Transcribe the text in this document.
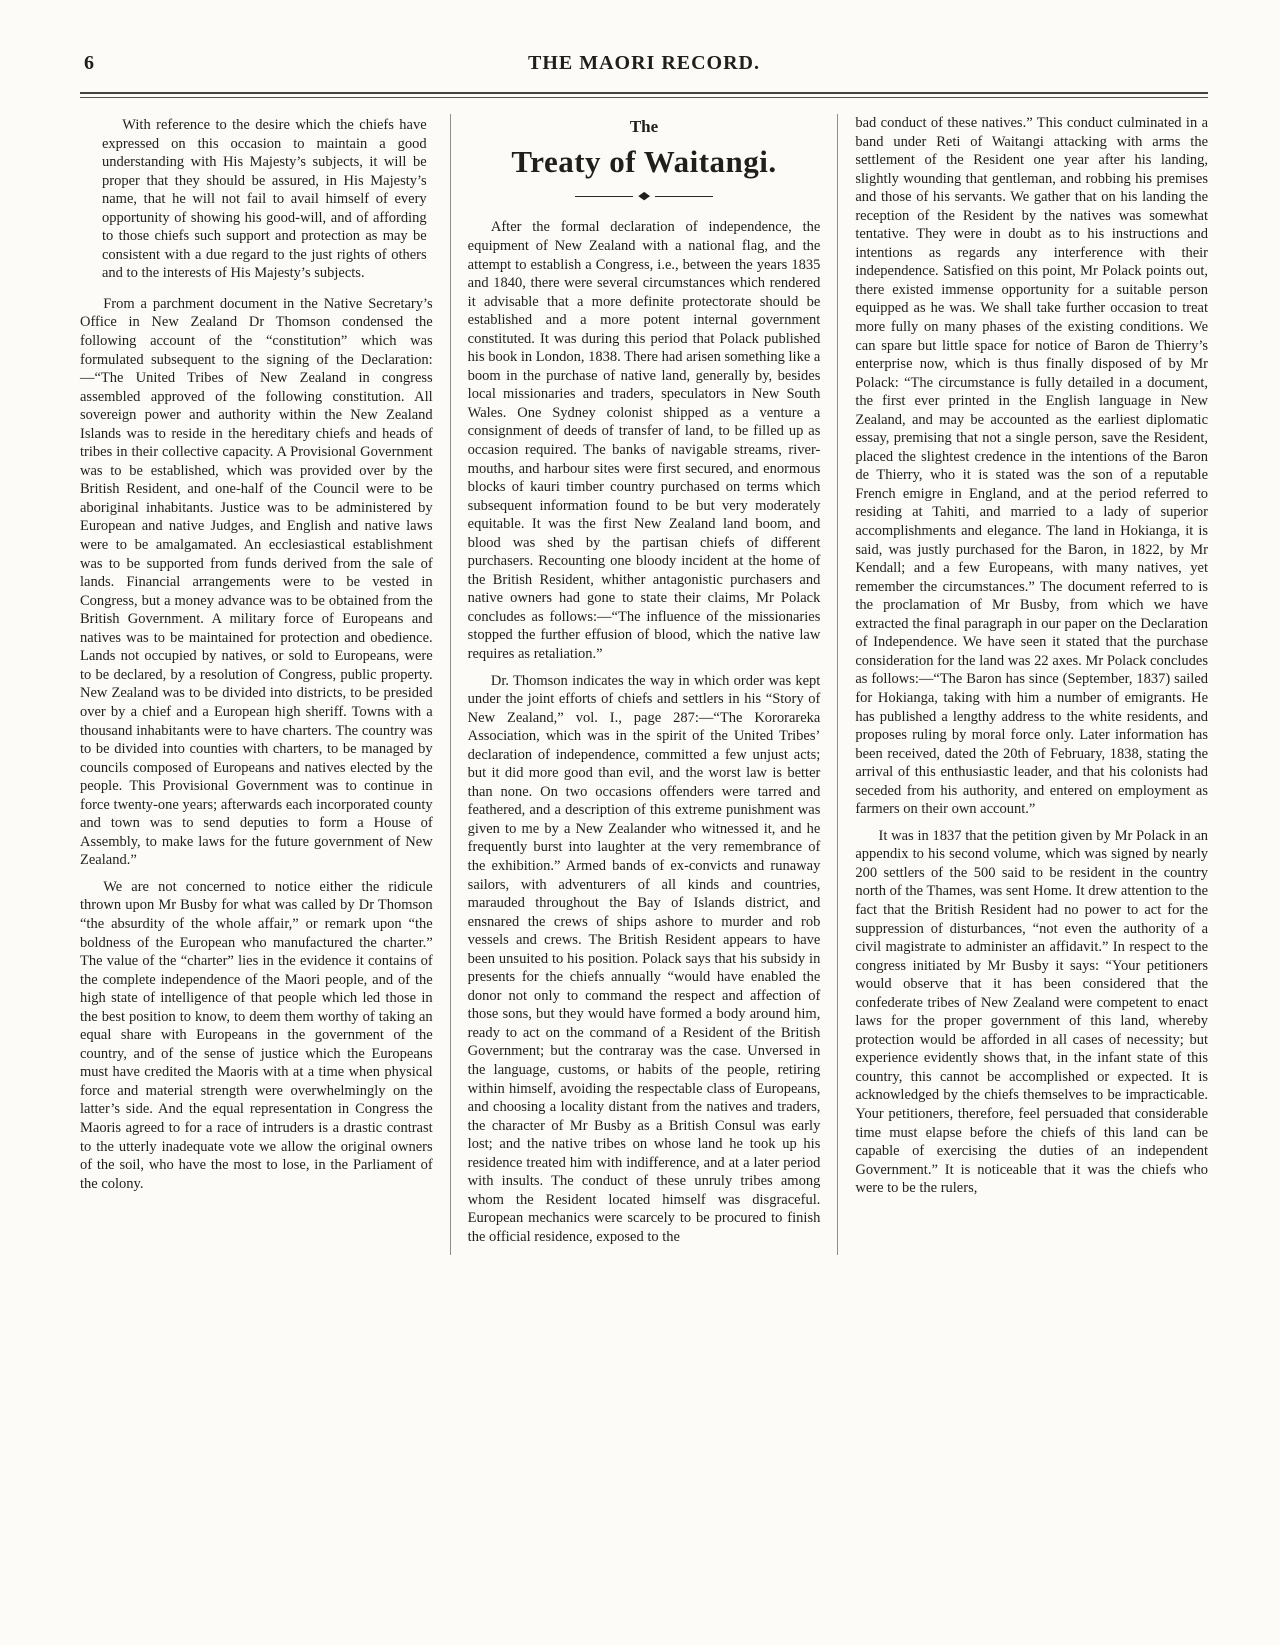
6	THE MAORI RECORD.

With reference to the desire which the chiefs have expressed on this occasion to maintain a good understanding with His Majesty’s subjects, it will be proper that they should be assured, in His Majesty’s name, that he will not fail to avail himself of every opportunity of showing his good-will, and of affording to those chiefs such support and protection as may be consistent with a due regard to the just rights of others and to the interests of His Majesty’s subjects.

From a parchment document in the Native Secretary’s Office in New Zealand Dr Thomson condensed the following account of the “constitution” which was formulated subsequent to the signing of the Declaration:—“The United Tribes of New Zealand in congress assembled approved of the following constitution. All sovereign power and authority within the New Zealand Islands was to reside in the hereditary chiefs and heads of tribes in their collective capacity. A Provisional Government was to be established, which was provided over by the British Resident, and one-half of the Council were to be aboriginal inhabitants. Justice was to be administered by European and native Judges, and English and native laws were to be amalgamated. An ecclesiastical establishment was to be supported from funds derived from the sale of lands. Financial arrangements were to be vested in Congress, but a money advance was to be obtained from the British Government. A military force of Europeans and natives was to be maintained for protection and obedience. Lands not occupied by natives, or sold to Europeans, were to be declared, by a resolution of Congress, public property. New Zealand was to be divided into districts, to be presided over by a chief and a European high sheriff. Towns with a thousand inhabitants were to have charters. The country was to be divided into counties with charters, to be managed by councils composed of Europeans and natives elected by the people. This Provisional Government was to continue in force twenty-one years; afterwards each incorporated county and town was to send deputies to form a House of Assembly, to make laws for the future government of New Zealand.”

We are not concerned to notice either the ridicule thrown upon Mr Busby for what was called by Dr Thomson “the absurdity of the whole affair,” or remark upon “the boldness of the European who manufactured the charter.” The value of the “charter” lies in the evidence it contains of the complete independence of the Maori people, and of the high state of intelligence of that people which led those in the best position to know, to deem them worthy of taking an equal share with Europeans in the government of the country, and of the sense of justice which the Europeans must have credited the Maoris with at a time when physical force and material strength were overwhelmingly on the latter’s side. And the equal representation in Congress the Maoris agreed to for a race of intruders is a drastic contrast to the utterly inadequate vote we allow the original owners of the soil, who have the most to lose, in the Parliament of the colony.

The
Treaty of Waitangi.
◆

After the formal declaration of independence, the equipment of New Zealand with a national flag, and the attempt to establish a Congress, i.e., between the years 1835 and 1840, there were several circumstances which rendered it advisable that a more definite protectorate should be established and a more potent internal government constituted. It was during this period that Polack published his book in London, 1838. There had arisen something like a boom in the purchase of native land, generally by, besides local missionaries and traders, speculators in New South Wales. One Sydney colonist shipped as a venture a consignment of deeds of transfer of land, to be filled up as occasion required. The banks of navigable streams, river-mouths, and harbour sites were first secured, and enormous blocks of kauri timber country purchased on terms which subsequent information found to be but very moderately equitable. It was the first New Zealand land boom, and blood was shed by the partisan chiefs of different purchasers. Recounting one bloody incident at the home of the British Resident, whither antagonistic purchasers and native owners had gone to state their claims, Mr Polack concludes as follows:—“The influence of the missionaries stopped the further effusion of blood, which the native law requires as retaliation.”

Dr. Thomson indicates the way in which order was kept under the joint efforts of chiefs and settlers in his “Story of New Zealand,” vol. I., page 287:—“The Kororareka Association, which was in the spirit of the United Tribes’ declaration of independence, committed a few unjust acts; but it did more good than evil, and the worst law is better than none. On two occasions offenders were tarred and feathered, and a description of this extreme punishment was given to me by a New Zealander who witnessed it, and he frequently burst into laughter at the very remembrance of the exhibition.” Armed bands of ex-convicts and runaway sailors, with adventurers of all kinds and countries, marauded throughout the Bay of Islands district, and ensnared the crews of ships ashore to murder and rob vessels and crews. The British Resident appears to have been unsuited to his position. Polack says that his subsidy in presents for the chiefs annually “would have enabled the donor not only to command the respect and affection of those sons, but they would have formed a body around him, ready to act on the command of a Resident of the British Government; but the contraray was the case. Unversed in the language, customs, or habits of the people, retiring within himself, avoiding the respectable class of Europeans, and choosing a locality distant from the natives and traders, the character of Mr Busby as a British Consul was early lost; and the native tribes on whose land he took up his residence treated him with indifference, and at a later period with insults. The conduct of these unruly tribes among whom the Resident located himself was disgraceful. European mechanics were scarcely to be procured to finish the official residence, exposed to the

bad conduct of these natives.” This conduct culminated in a band under Reti of Waitangi attacking with arms the settlement of the Resident one year after his landing, slightly wounding that gentleman, and robbing his premises and those of his servants. We gather that on his landing the reception of the Resident by the natives was somewhat tentative. They were in doubt as to his instructions and intentions as regards any interference with their independence. Satisfied on this point, Mr Polack points out, there existed immense opportunity for a suitable person equipped as he was. We shall take further occasion to treat more fully on many phases of the existing conditions. We can spare but little space for notice of Baron de Thierry’s enterprise now, which is thus finally disposed of by Mr Polack: “The circumstance is fully detailed in a document, the first ever printed in the English language in New Zealand, and may be accounted as the earliest diplomatic essay, premising that not a single person, save the Resident, placed the slightest credence in the intentions of the Baron de Thierry, who it is stated was the son of a reputable French emigre in England, and at the period referred to residing at Tahiti, and married to a lady of superior accomplishments and elegance. The land in Hokianga, it is said, was justly purchased for the Baron, in 1822, by Mr Kendall; and a few Europeans, with many natives, yet remember the circumstances.” The document referred to is the proclamation of Mr Busby, from which we have extracted the final paragraph in our paper on the Declaration of Independence. We have seen it stated that the purchase consideration for the land was 22 axes. Mr Polack concludes as follows:—“The Baron has since (September, 1837) sailed for Hokianga, taking with him a number of emigrants. He has published a lengthy address to the white residents, and proposes ruling by moral force only. Later information has been received, dated the 20th of February, 1838, stating the arrival of this enthusiastic leader, and that his colonists had seceded from his authority, and entered on employment as farmers on their own account.”

It was in 1837 that the petition given by Mr Polack in an appendix to his second volume, which was signed by nearly 200 settlers of the 500 said to be resident in the country north of the Thames, was sent Home. It drew attention to the fact that the British Resident had no power to act for the suppression of disturbances, “not even the authority of a civil magistrate to administer an affidavit.” In respect to the congress initiated by Mr Busby it says: “Your petitioners would observe that it has been considered that the confederate tribes of New Zealand were competent to enact laws for the proper government of this land, whereby protection would be afforded in all cases of necessity; but experience evidently shows that, in the infant state of this country, this cannot be accomplished or expected. It is acknowledged by the chiefs themselves to be impracticable. Your petitioners, therefore, feel persuaded that considerable time must elapse before the chiefs of this land can be capable of exercising the duties of an independent Government.” It is noticeable that it was the chiefs who were to be the rulers,
